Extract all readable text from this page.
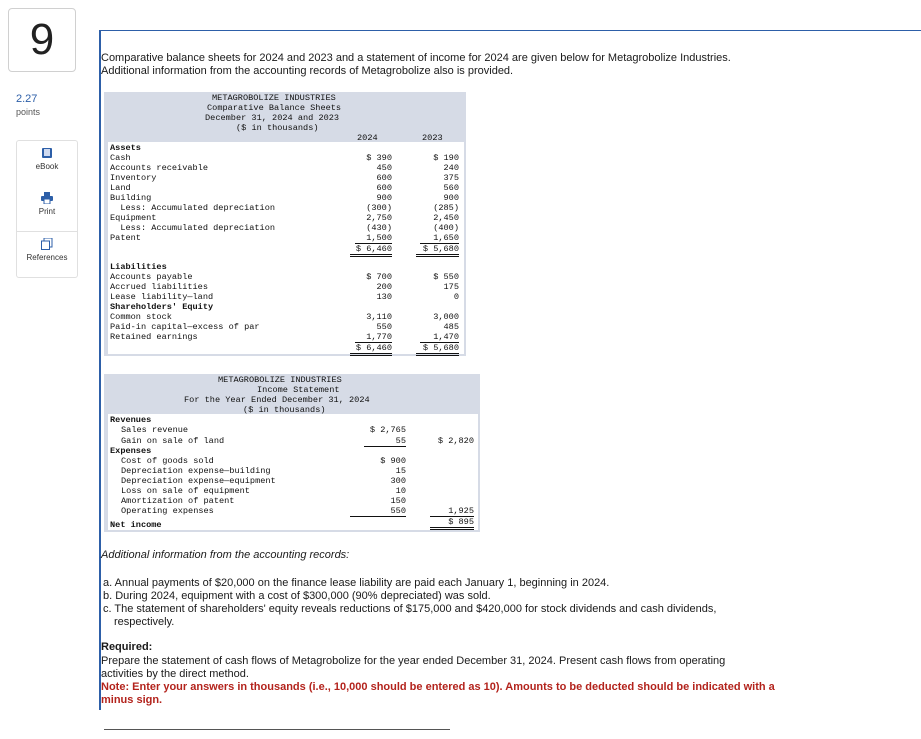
9
2.27
points
eBook
Print
References
Comparative balance sheets for 2024 and 2023 and a statement of income for 2024 are given below for Metagrobolize Industries.
Additional information from the accounting records of Metagrobolize also is provided.
METAGROBOLIZE INDUSTRIES
Comparative Balance Sheets
December 31, 2024 and 2023
($ in thousands)
2024	2023
Assets
Cash	$ 390	$ 190
Accounts receivable	450	240
Inventory	600	375
Land	600	560
Building	900	900
Less: Accumulated depreciation	(300)	(285)
Equipment	2,750	2,450
Less: Accumulated depreciation	(430)	(400)
Patent	1,500	1,650
$ 6,460	$ 5,680
Liabilities
Accounts payable	$ 700	$ 550
Accrued liabilities	200	175
Lease liability—land	130	0
Shareholders' Equity
Common stock	3,110	3,000
Paid-in capital—excess of par	550	485
Retained earnings	1,770	1,470
$ 6,460	$ 5,680
METAGROBOLIZE INDUSTRIES
Income Statement
For the Year Ended December 31, 2024
($ in thousands)
Revenues
Sales revenue	$ 2,765
Gain on sale of land	55	$ 2,820
Expenses
Cost of goods sold	$ 900
Depreciation expense—building	15
Depreciation expense—equipment	300
Loss on sale of equipment	10
Amortization of patent	150
Operating expenses	550	1,925
Net income	$ 895
Additional information from the accounting records:
a. Annual payments of $20,000 on the finance lease liability are paid each January 1, beginning in 2024.
b. During 2024, equipment with a cost of $300,000 (90% depreciated) was sold.
c. The statement of shareholders' equity reveals reductions of $175,000 and $420,000 for stock dividends and cash dividends,
respectively.
Required:
Prepare the statement of cash flows of Metagrobolize for the year ended December 31, 2024. Present cash flows from operating
activities by the direct method.
Note: Enter your answers in thousands (i.e., 10,000 should be entered as 10). Amounts to be deducted should be indicated with a
minus sign.
